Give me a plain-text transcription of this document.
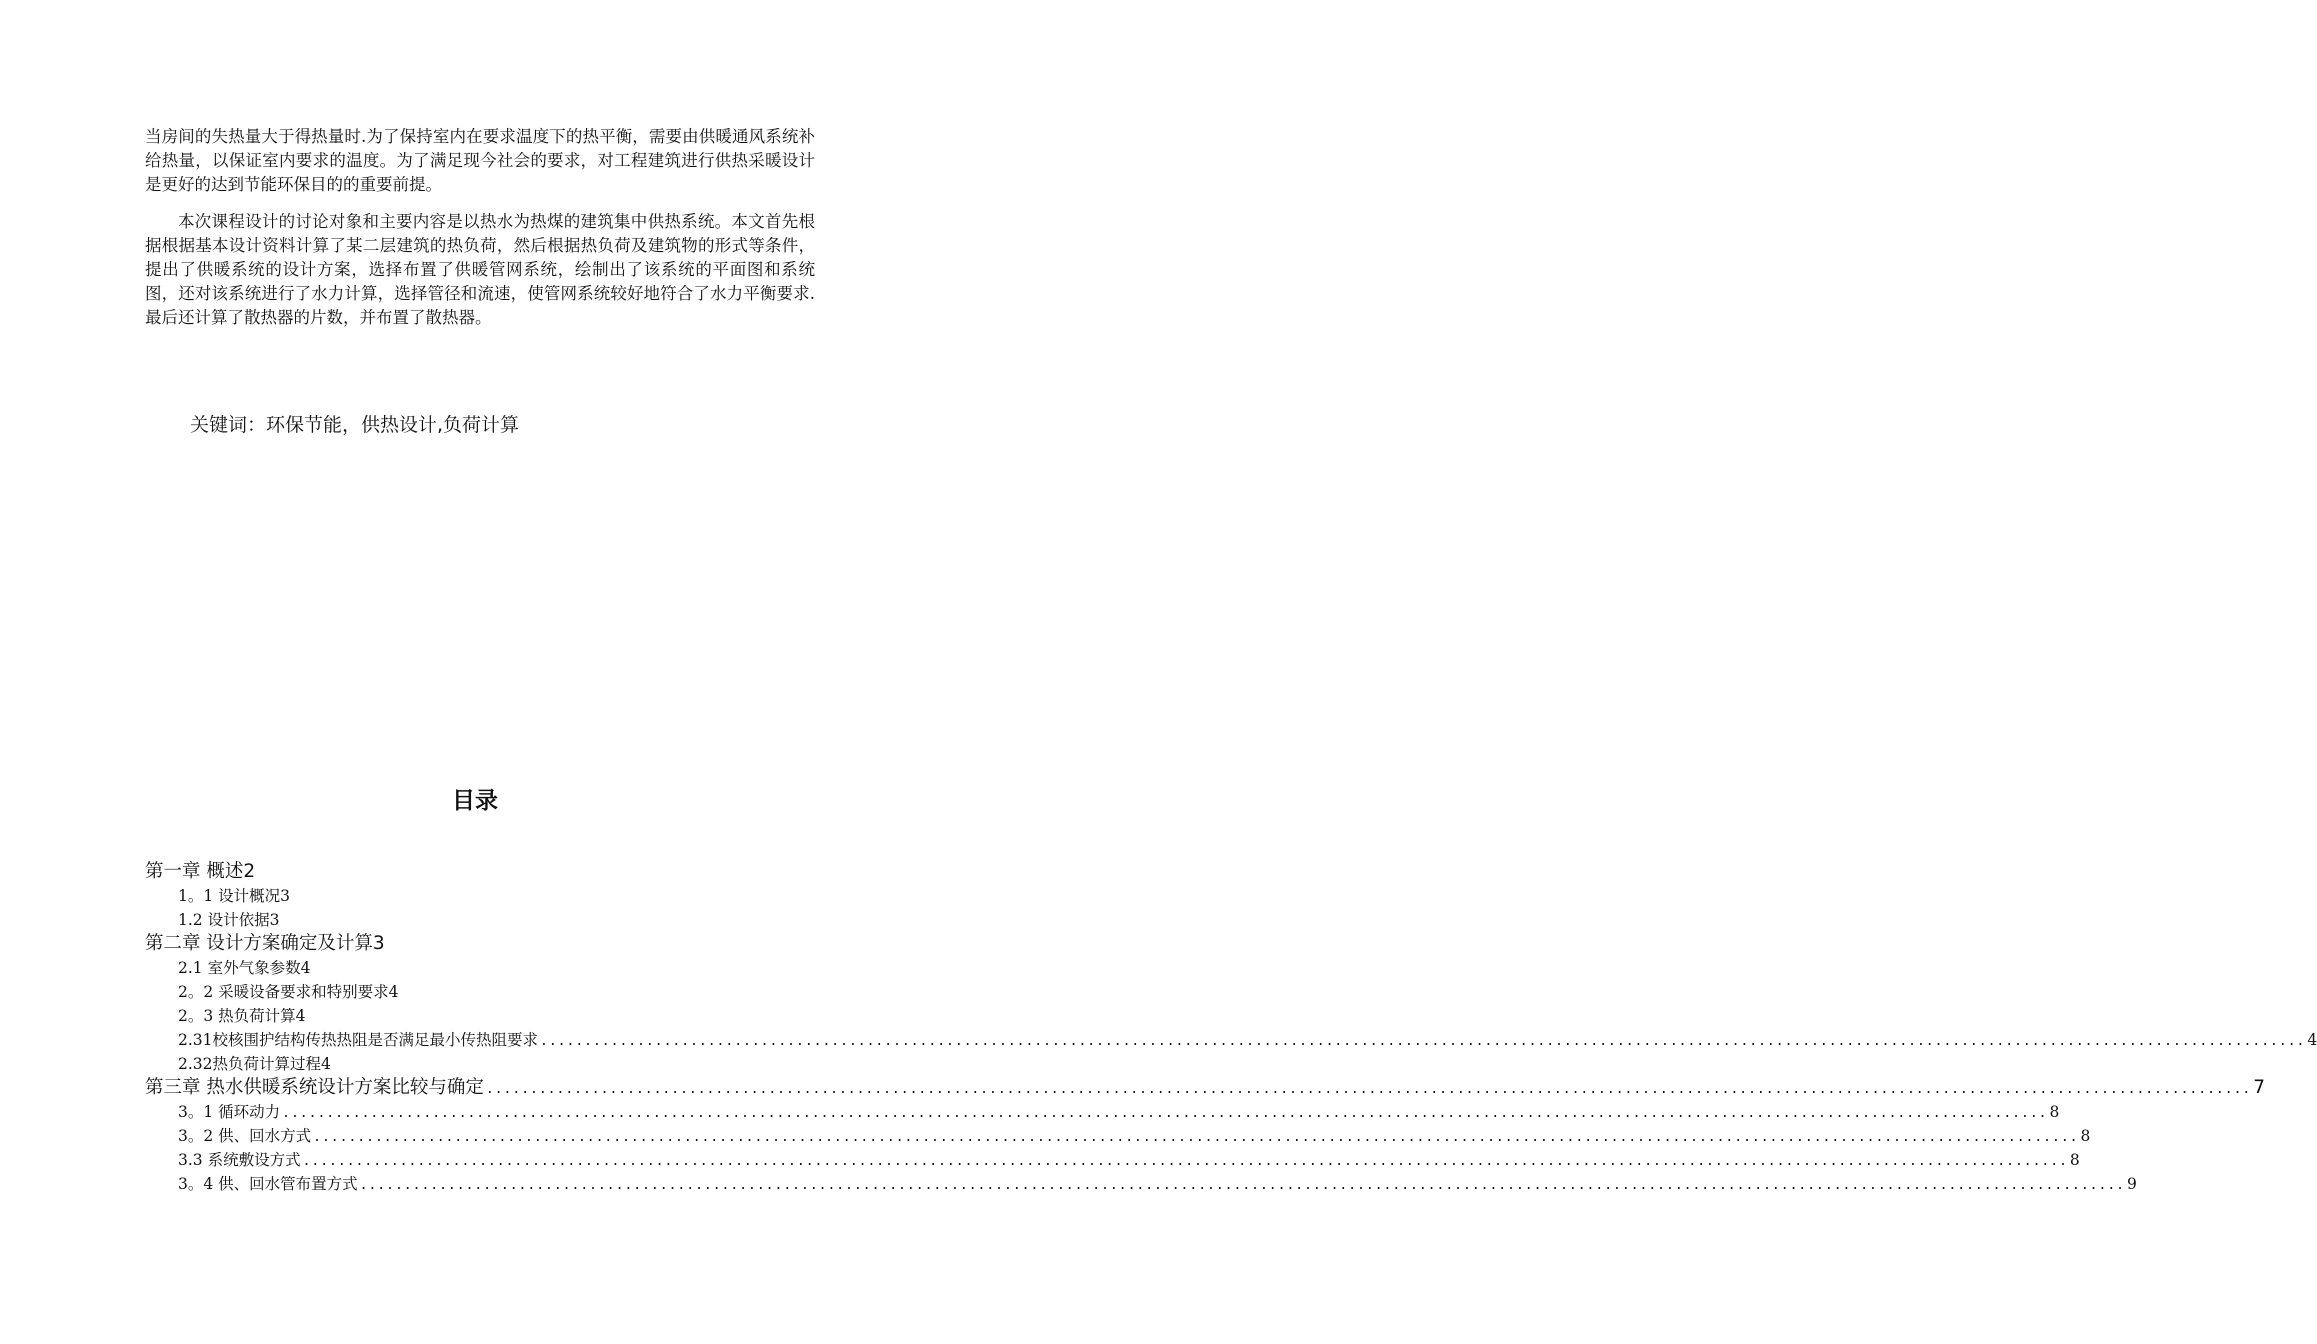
当房间的失热量大于得热量时.为了保持室内在要求温度下的热平衡，需要由供暖通风系统补给热量，以保证室内要求的温度。为了满足现今社会的要求，对工程建筑进行供热采暖设计是更好的达到节能环保目的的重要前提。

本次课程设计的讨论对象和主要内容是以热水为热煤的建筑集中供热系统。本文首先根据根据基本设计资料计算了某二层建筑的热负荷，然后根据热负荷及建筑物的形式等条件，提出了供暖系统的设计方案，选择布置了供暖管网系统，绘制出了该系统的平面图和系统图，还对该系统进行了水力计算，选择管径和流速，使管网系统较好地符合了水力平衡要求.最后还计算了散热器的片数，并布置了散热器。

关键词：环保节能，供热设计,负荷计算

目录
第一章 概述2
1。1 设计概况3
1.2 设计依据3
第二章 设计方案确定及计算3
2.1 室外气象参数4
2。2 采暖设备要求和特别要求4
2。3 热负荷计算4
2.31校核围护结构传热热阻是否满足最小传热阻要求 ........................................................................................................................................................................................................ 4
2.32热负荷计算过程4
第三章 热水供暖系统设计方案比较与确定 ........................................................................................................................................................................................................ 7
3。1 循环动力 ........................................................................................................................................................................................................ 8
3。2 供、回水方式 ........................................................................................................................................................................................................ 8
3.3 系统敷设方式 ........................................................................................................................................................................................................ 8
3。4 供、回水管布置方式 ........................................................................................................................................................................................................ 9
